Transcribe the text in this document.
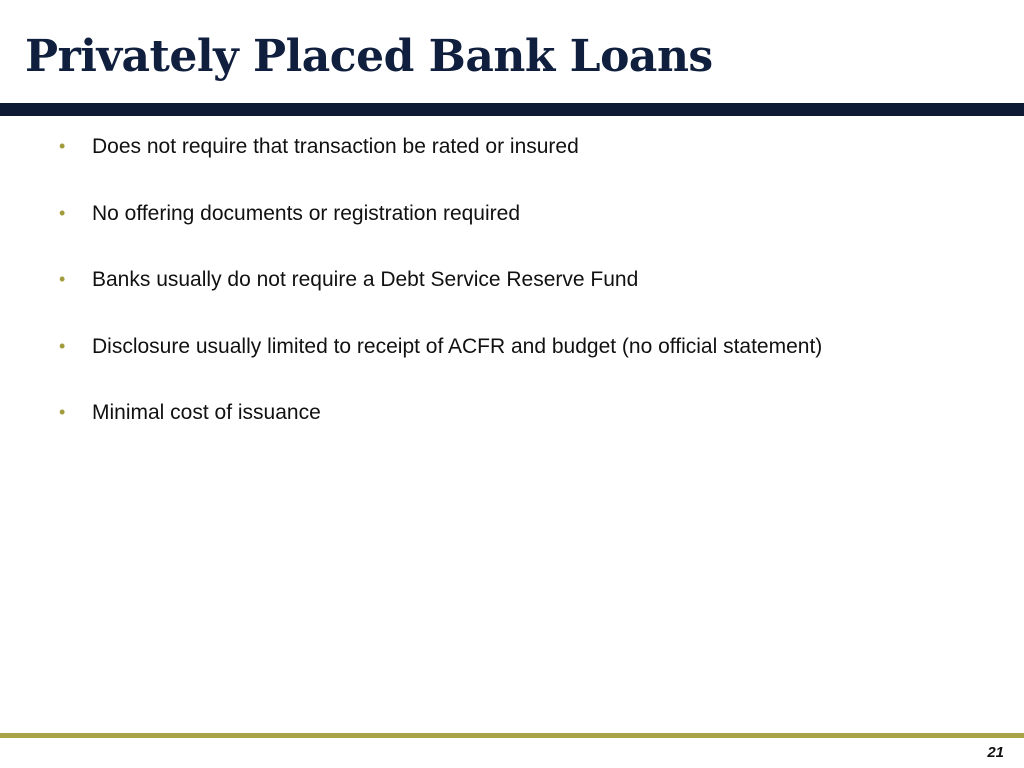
Privately Placed Bank Loans
•	Does not require that transaction be rated or insured
•	No offering documents or registration required
•	Banks usually do not require a Debt Service Reserve Fund
•	Disclosure usually limited to receipt of ACFR and budget (no official statement)
•	Minimal cost of issuance
21
